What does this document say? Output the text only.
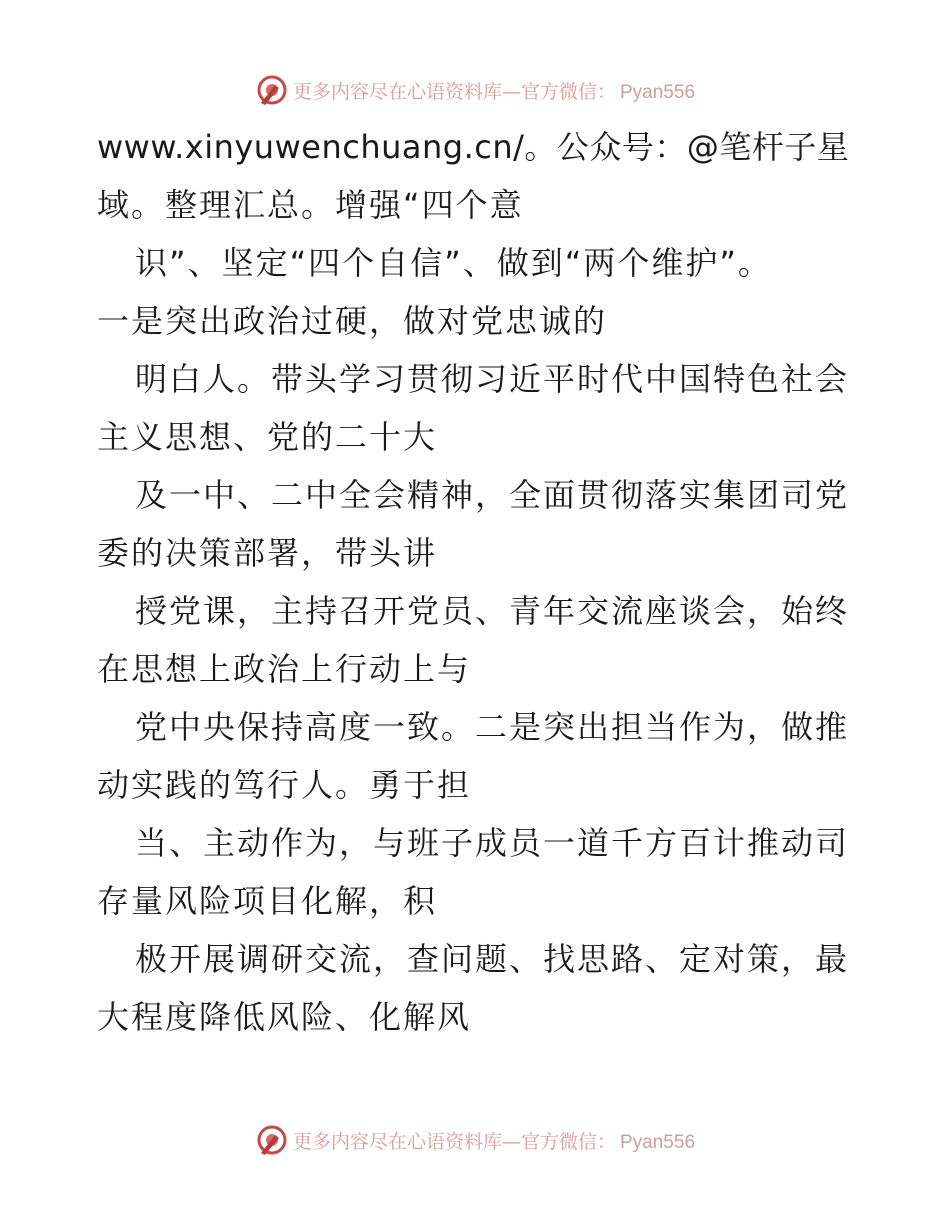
更多内容尽在心语资料库—官方微信： Pyan556
www.xinyuwenchuang.cn/。公众号：@笔杆子星
域。整理汇总。增强“四个意
识”、坚定“四个自信”、做到“两个维护”。
一是突出政治过硬，做对党忠诚的
明白人。带头学习贯彻习近平时代中国特色社会
主义思想、党的二十大
及一中、二中全会精神，全面贯彻落实集团司党
委的决策部署，带头讲
授党课，主持召开党员、青年交流座谈会，始终
在思想上政治上行动上与
党中央保持高度一致。二是突出担当作为，做推
动实践的笃行人。勇于担
当、主动作为，与班子成员一道千方百计推动司
存量风险项目化解，积
极开展调研交流，查问题、找思路、定对策，最
大程度降低风险、化解风
更多内容尽在心语资料库—官方微信： Pyan556
